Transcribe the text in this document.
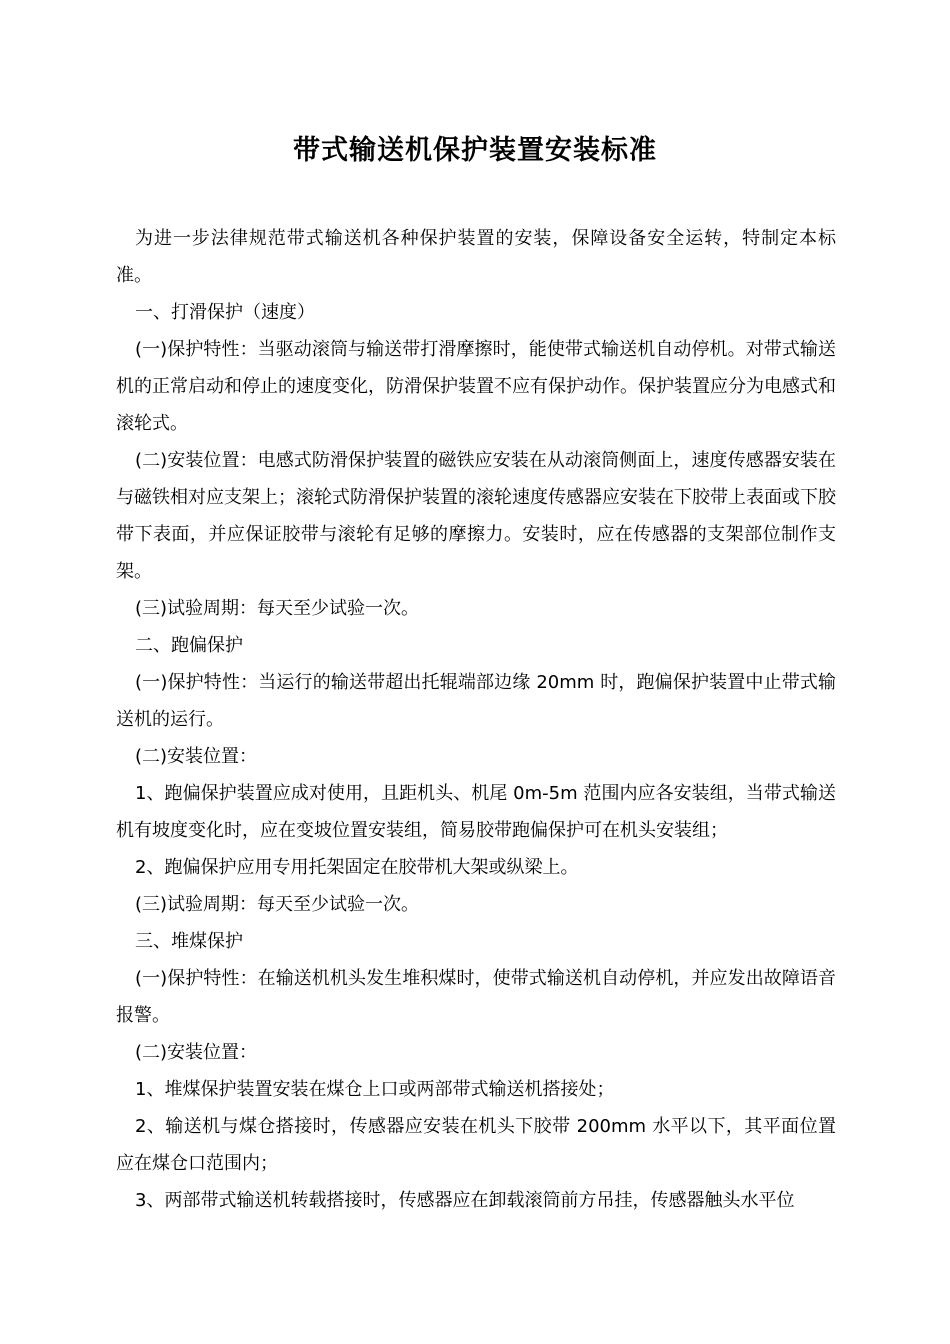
带式输送机保护装置安装标准

为进一步法律规范带式输送机各种保护装置的安装，保障设备安全运转，特制定本标准。

一、打滑保护（速度）

(一)保护特性：当驱动滚筒与输送带打滑摩擦时，能使带式输送机自动停机。对带式输送机的正常启动和停止的速度变化，防滑保护装置不应有保护动作。保护装置应分为电感式和滚轮式。

(二)安装位置：电感式防滑保护装置的磁铁应安装在从动滚筒侧面上，速度传感器安装在与磁铁相对应支架上；滚轮式防滑保护装置的滚轮速度传感器应安装在下胶带上表面或下胶带下表面，并应保证胶带与滚轮有足够的摩擦力。安装时，应在传感器的支架部位制作支架。

(三)试验周期：每天至少试验一次。

二、跑偏保护

(一)保护特性：当运行的输送带超出托辊端部边缘 20mm 时，跑偏保护装置中止带式输送机的运行。

(二)安装位置：

1、跑偏保护装置应成对使用，且距机头、机尾 0m-5m 范围内应各安装组，当带式输送机有坡度变化时，应在变坡位置安装组，简易胶带跑偏保护可在机头安装组；

2、跑偏保护应用专用托架固定在胶带机大架或纵梁上。

(三)试验周期：每天至少试验一次。

三、堆煤保护

(一)保护特性：在输送机机头发生堆积煤时，使带式输送机自动停机，并应发出故障语音报警。

(二)安装位置：

1、堆煤保护装置安装在煤仓上口或两部带式输送机搭接处；

2、输送机与煤仓搭接时，传感器应安装在机头下胶带 200mm 水平以下，其平面位置应在煤仓口范围内；

3、两部带式输送机转载搭接时，传感器应在卸载滚筒前方吊挂，传感器触头水平位
